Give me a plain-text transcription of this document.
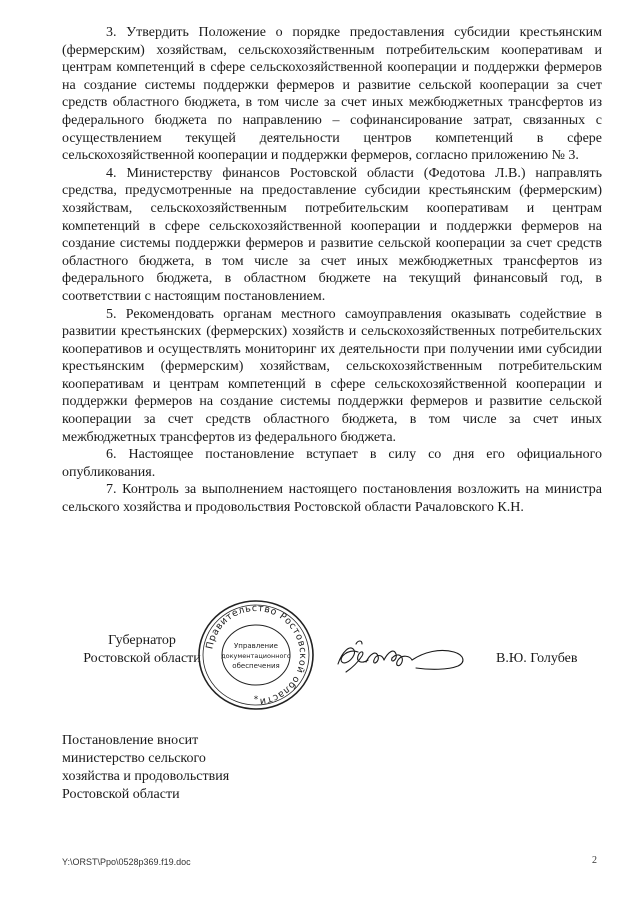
3. Утвердить Положение о порядке предоставления субсидии крестьянским (фермерским) хозяйствам, сельскохозяйственным потребительским кооперативам и центрам компетенций в сфере сельскохозяйственной кооперации и поддержки фермеров на создание системы поддержки фермеров и развитие сельской кооперации за счет средств областного бюджета, в том числе за счет иных межбюджетных трансфертов из федерального бюджета по направлению – софинансирование затрат, связанных с осуществлением текущей деятельности центров компетенций в сфере сельскохозяйственной кооперации и поддержки фермеров, согласно приложению № 3.

4. Министерству финансов Ростовской области (Федотова Л.В.) направлять средства, предусмотренные на предоставление субсидии крестьянским (фермерским) хозяйствам, сельскохозяйственным потребительским кооперативам и центрам компетенций в сфере сельскохозяйственной кооперации и поддержки фермеров на создание системы поддержки фермеров и развитие сельской кооперации за счет средств областного бюджета, в том числе за счет иных межбюджетных трансфертов из федерального бюджета, в областном бюджете на текущий финансовый год, в соответствии с настоящим постановлением.

5. Рекомендовать органам местного самоуправления оказывать содействие в развитии крестьянских (фермерских) хозяйств и сельскохозяйственных потребительских кооперативов и осуществлять мониторинг их деятельности при получении ими субсидии крестьянским (фермерским) хозяйствам, сельскохозяйственным потребительским кооперативам и центрам компетенций в сфере сельскохозяйственной кооперации и поддержки фермеров на создание системы поддержки фермеров и развитие сельской кооперации за счет средств областного бюджета, в том числе за счет иных межбюджетных трансфертов из федерального бюджета.

6. Настоящее постановление вступает в силу со дня его официального опубликования.

7. Контроль за выполнением настоящего постановления возложить на министра сельского хозяйства и продовольствия Ростовской области Рачаловского К.Н.

Губернатор
Ростовской области
Правительство Ростовской области
Управление
документационного
обеспечения
*
В.Ю. Голубев
Постановление вносит
министерство сельского
хозяйства и продовольствия
Ростовской области
Y:\ORST\Ppo\0528p369.f19.doc	2
